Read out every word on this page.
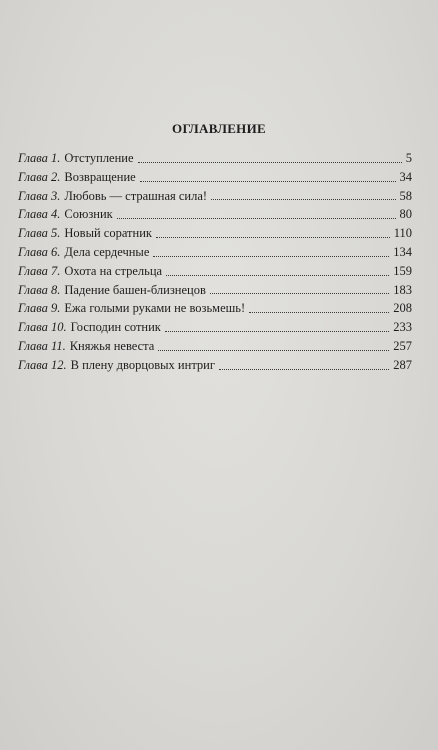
ОГЛАВЛЕНИЕ
Глава 1. Отступление	5
Глава 2. Возвращение	34
Глава 3. Любовь — страшная сила!	58
Глава 4. Союзник	80
Глава 5. Новый соратник	110
Глава 6. Дела сердечные	134
Глава 7. Охота на стрельца	159
Глава 8. Падение башен-близнецов	183
Глава 9. Ежа голыми руками не возьмешь!	208
Глава 10. Господин сотник	233
Глава 11. Княжья невеста	257
Глава 12. В плену дворцовых интриг	287
